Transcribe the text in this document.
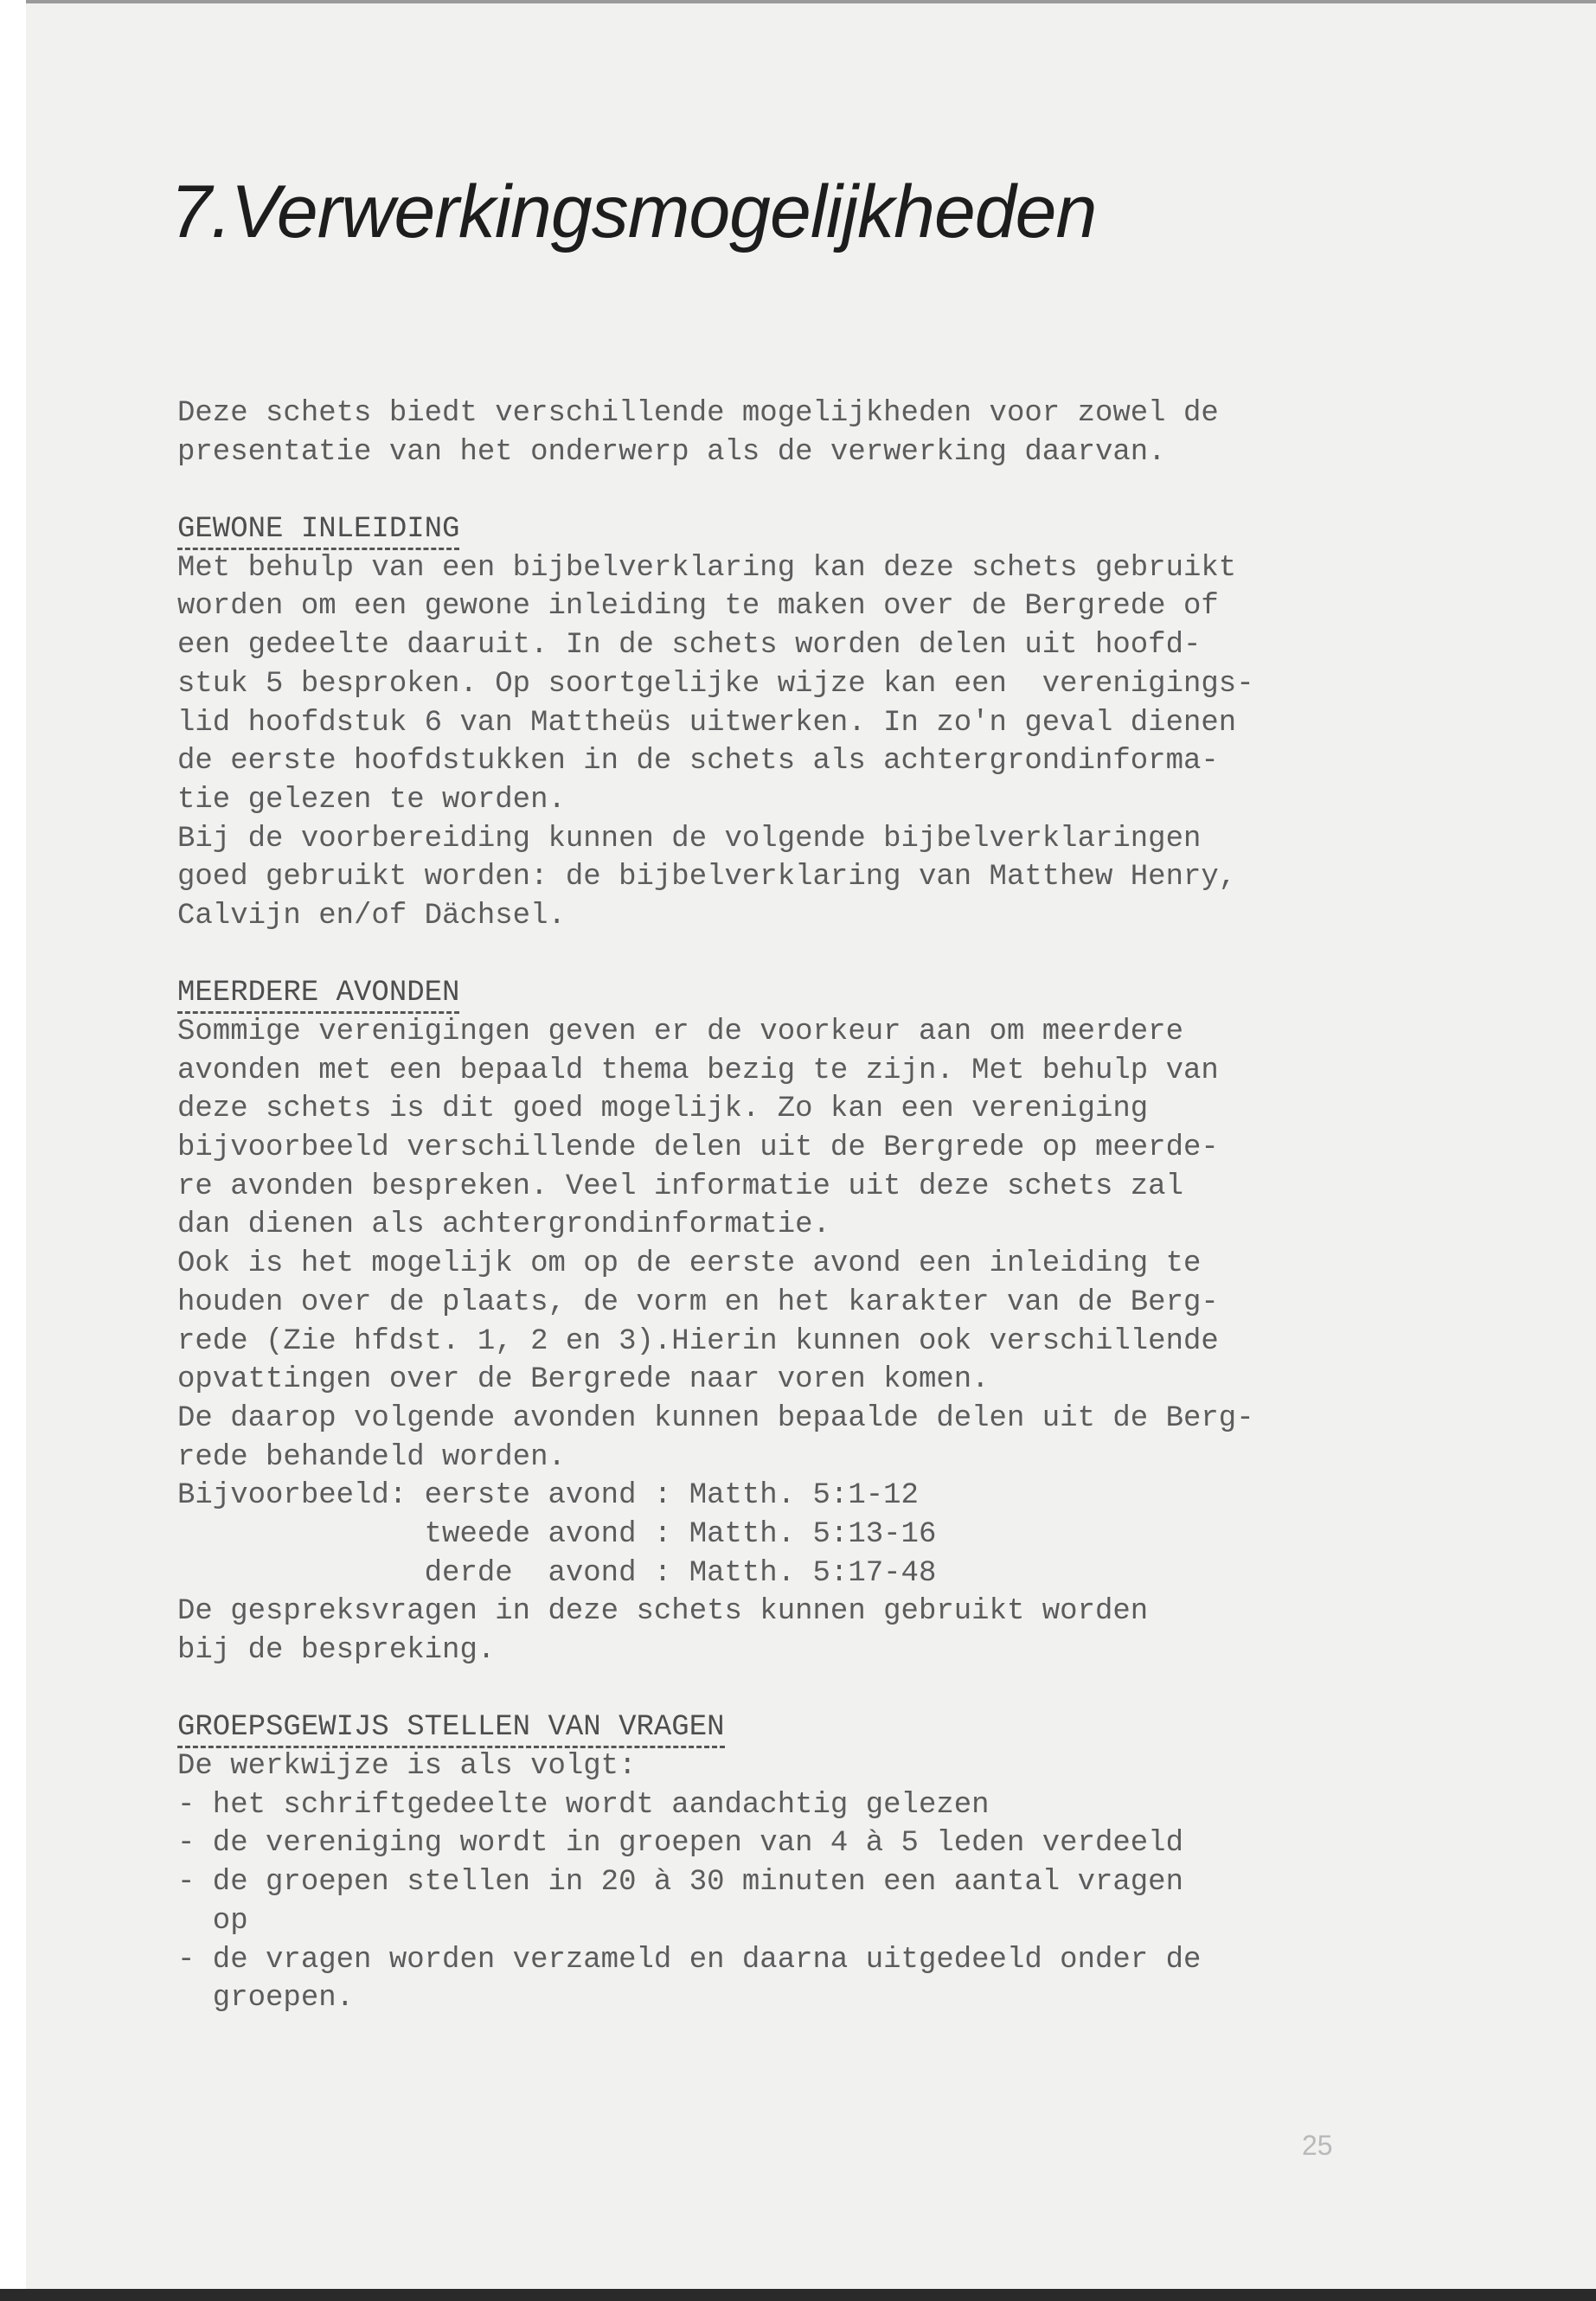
7.Verwerkingsmogelijkheden
Deze schets biedt verschillende mogelijkheden voor zowel de
presentatie van het onderwerp als de verwerking daarvan.
GEWONE INLEIDING
Met behulp van een bijbelverklaring kan deze schets gebruikt
worden om een gewone inleiding te maken over de Bergrede of
een gedeelte daaruit. In de schets worden delen uit hoofd-
stuk 5 besproken. Op soortgelijke wijze kan een  verenigings-
lid hoofdstuk 6 van Mattheüs uitwerken. In zo'n geval dienen
de eerste hoofdstukken in de schets als achtergrondinforma-
tie gelezen te worden.
Bij de voorbereiding kunnen de volgende bijbelverklaringen
goed gebruikt worden: de bijbelverklaring van Matthew Henry,
Calvijn en/of Dächsel.
MEERDERE AVONDEN
Sommige verenigingen geven er de voorkeur aan om meerdere
avonden met een bepaald thema bezig te zijn. Met behulp van
deze schets is dit goed mogelijk. Zo kan een vereniging
bijvoorbeeld verschillende delen uit de Bergrede op meerde-
re avonden bespreken. Veel informatie uit deze schets zal
dan dienen als achtergrondinformatie.
Ook is het mogelijk om op de eerste avond een inleiding te
houden over de plaats, de vorm en het karakter van de Berg-
rede (Zie hfdst. 1, 2 en 3).Hierin kunnen ook verschillende
opvattingen over de Bergrede naar voren komen.
De daarop volgende avonden kunnen bepaalde delen uit de Berg-
rede behandeld worden.
Bijvoorbeeld: eerste avond : Matth. 5:1-12
tweede avond : Matth. 5:13-16
derde  avond : Matth. 5:17-48
De gespreksvragen in deze schets kunnen gebruikt worden
bij de bespreking.
GROEPSGEWIJS STELLEN VAN VRAGEN
De werkwijze is als volgt:
- het schriftgedeelte wordt aandachtig gelezen
- de vereniging wordt in groepen van 4 à 5 leden verdeeld
- de groepen stellen in 20 à 30 minuten een aantal vragen
op
- de vragen worden verzameld en daarna uitgedeeld onder de
groepen.
25
